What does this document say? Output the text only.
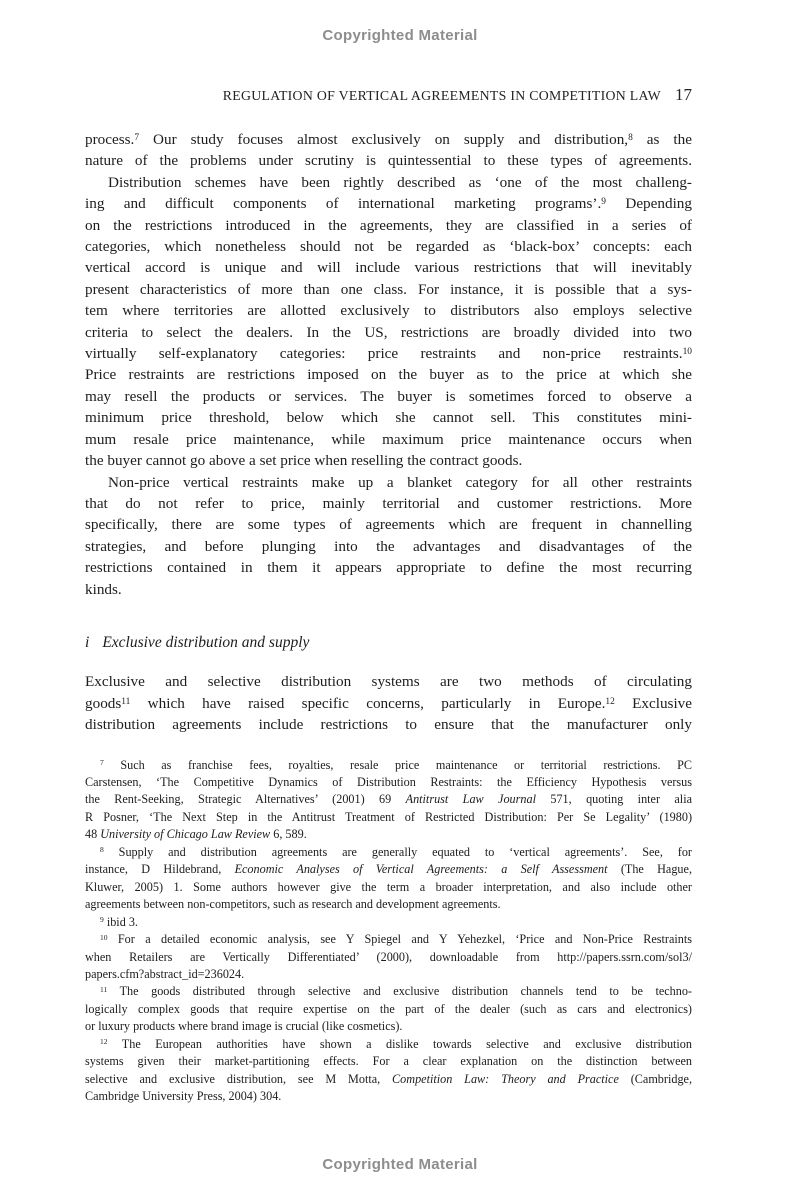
Copyrighted Material
REGULATION OF VERTICAL AGREEMENTS IN COMPETITION LAW 17
process.$^7$ Our study focuses almost exclusively on supply and distribution,$^8$ as the
nature of the problems under scrutiny is quintessential to these types of agreements.
Distribution schemes have been rightly described as ‘one of the most challeng-
ing and difficult components of international marketing programs’.$^9$ Depending
on the restrictions introduced in the agreements, they are classified in a series of
categories, which nonetheless should not be regarded as ‘black-box’ concepts: each
vertical accord is unique and will include various restrictions that will inevitably
present characteristics of more than one class. For instance, it is possible that a sys-
tem where territories are allotted exclusively to distributors also employs selective
criteria to select the dealers. In the US, restrictions are broadly divided into two
virtually self-explanatory categories: price restraints and non-price restraints.$^{10}$
Price restraints are restrictions imposed on the buyer as to the price at which she
may resell the products or services. The buyer is sometimes forced to observe a
minimum price threshold, below which she cannot sell. This constitutes mini-
mum resale price maintenance, while maximum price maintenance occurs when
the buyer cannot go above a set price when reselling the contract goods.
Non-price vertical restraints make up a blanket category for all other restraints
that do not refer to price, mainly territorial and customer restrictions. More
specifically, there are some types of agreements which are frequent in channelling
strategies, and before plunging into the advantages and disadvantages of the
restrictions contained in them it appears appropriate to define the most recurring
kinds.
i Exclusive distribution and supply
Exclusive and selective distribution systems are two methods of circulating
goods$^{11}$ which have raised specific concerns, particularly in Europe.$^{12}$ Exclusive
distribution agreements include restrictions to ensure that the manufacturer only
$^7$ Such as franchise fees, royalties, resale price maintenance or territorial restrictions. PC
Carstensen, ‘The Competitive Dynamics of Distribution Restraints: the Efficiency Hypothesis versus
the Rent-Seeking, Strategic Alternatives’ (2001) 69 Antitrust Law Journal 571, quoting inter alia
R Posner, ‘The Next Step in the Antitrust Treatment of Restricted Distribution: Per Se Legality’ (1980)
48 University of Chicago Law Review 6, 589.
$^8$ Supply and distribution agreements are generally equated to ‘vertical agreements’. See, for
instance, D Hildebrand, Economic Analyses of Vertical Agreements: a Self Assessment (The Hague,
Kluwer, 2005) 1. Some authors however give the term a broader interpretation, and also include other
agreements between non-competitors, such as research and development agreements.
$^9$ ibid 3.
$^{10}$ For a detailed economic analysis, see Y Spiegel and Y Yehezkel, ‘Price and Non-Price Restraints
when Retailers are Vertically Differentiated’ (2000), downloadable from http://papers.ssrn.com/sol3/
papers.cfm?abstract_id=236024.
$^{11}$ The goods distributed through selective and exclusive distribution channels tend to be techno-
logically complex goods that require expertise on the part of the dealer (such as cars and electronics)
or luxury products where brand image is crucial (like cosmetics).
$^{12}$ The European authorities have shown a dislike towards selective and exclusive distribution
systems given their market-partitioning effects. For a clear explanation on the distinction between
selective and exclusive distribution, see M Motta, Competition Law: Theory and Practice (Cambridge,
Cambridge University Press, 2004) 304.
Copyrighted Material
